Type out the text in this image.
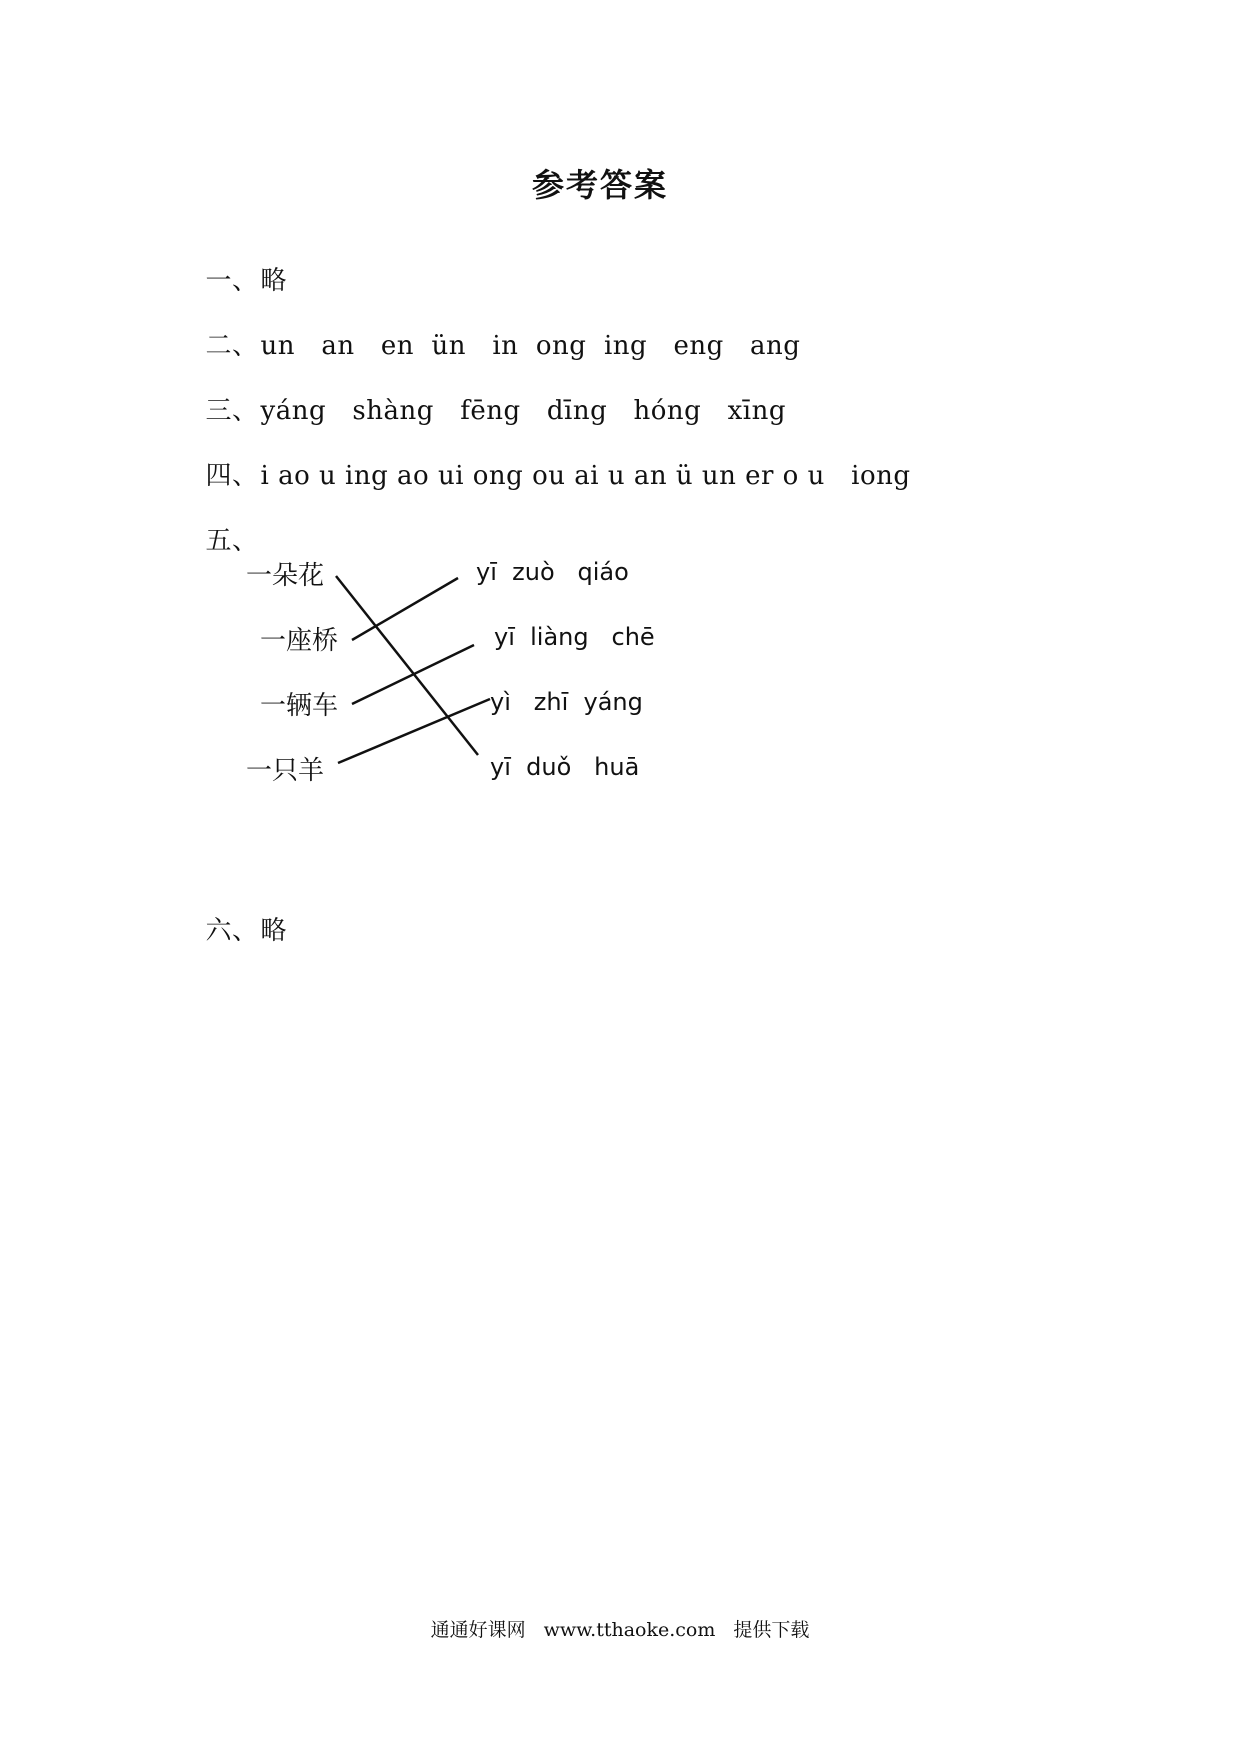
参考答案

一、略

二、un   an   en  ün   in  ong  ing   eng   ang

三、yáng   shàng   fēng   dīng   hóng   xīng

四、i ao u ing ao ui ong ou ai u an ü un er o u   iong

五、

一朵花
一座桥
一辆车
一只羊
yī  zuò   qiáo
yī  liàng   chē
yì   zhī  yáng
yī  duǒ   huā

六、略

通通好课网 www.tthaoke.com 提供下载
